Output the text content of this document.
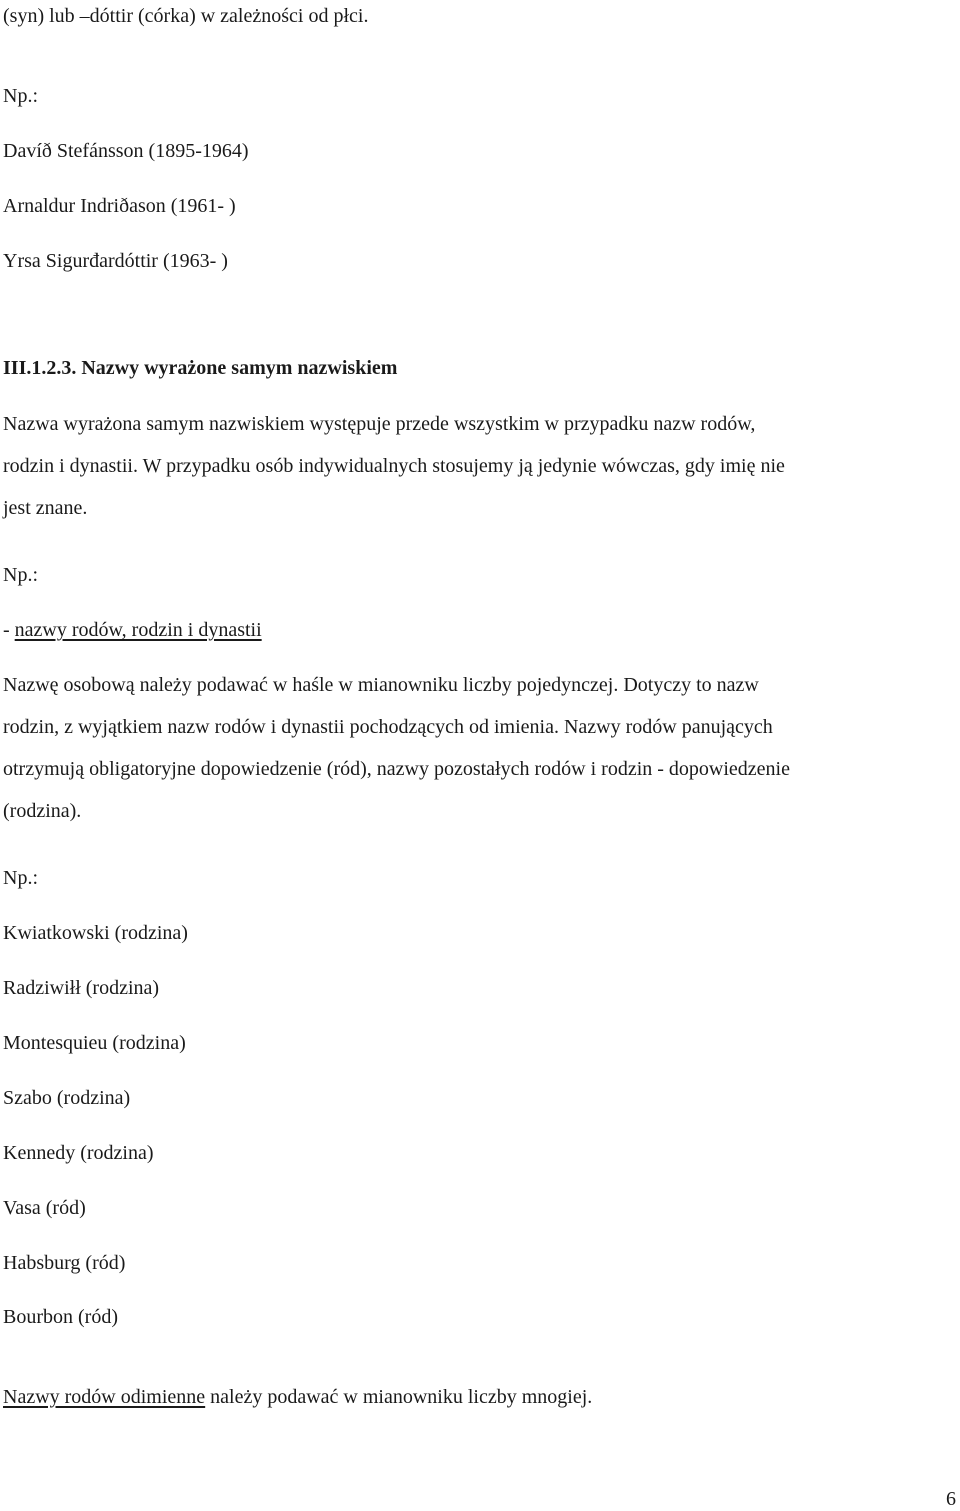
(syn) lub –dóttir (córka) w zależności od płci.
Np.:
Davíð Stefánsson (1895-1964)
Arnaldur Indriðason (1961- )
Yrsa Sigurđardóttir (1963- )
III.1.2.3. Nazwy wyrażone samym nazwiskiem
Nazwa wyrażona samym nazwiskiem występuje przede wszystkim w przypadku nazw rodów,
rodzin i dynastii. W przypadku osób indywidualnych stosujemy ją jedynie wówczas, gdy imię nie
jest znane.
Np.:
- nazwy rodów, rodzin i dynastii
Nazwę osobową należy podawać w haśle w mianowniku liczby pojedynczej. Dotyczy to nazw
rodzin, z wyjątkiem nazw rodów i dynastii pochodzących od imienia. Nazwy rodów panujących
otrzymują obligatoryjne dopowiedzenie (ród), nazwy pozostałych rodów i rodzin - dopowiedzenie
(rodzina).
Np.:
Kwiatkowski (rodzina)
Radziwiłł (rodzina)
Montesquieu (rodzina)
Szabo (rodzina)
Kennedy (rodzina)
Vasa (ród)
Habsburg (ród)
Bourbon (ród)
Nazwy rodów odimienne należy podawać w mianowniku liczby mnogiej.
6
